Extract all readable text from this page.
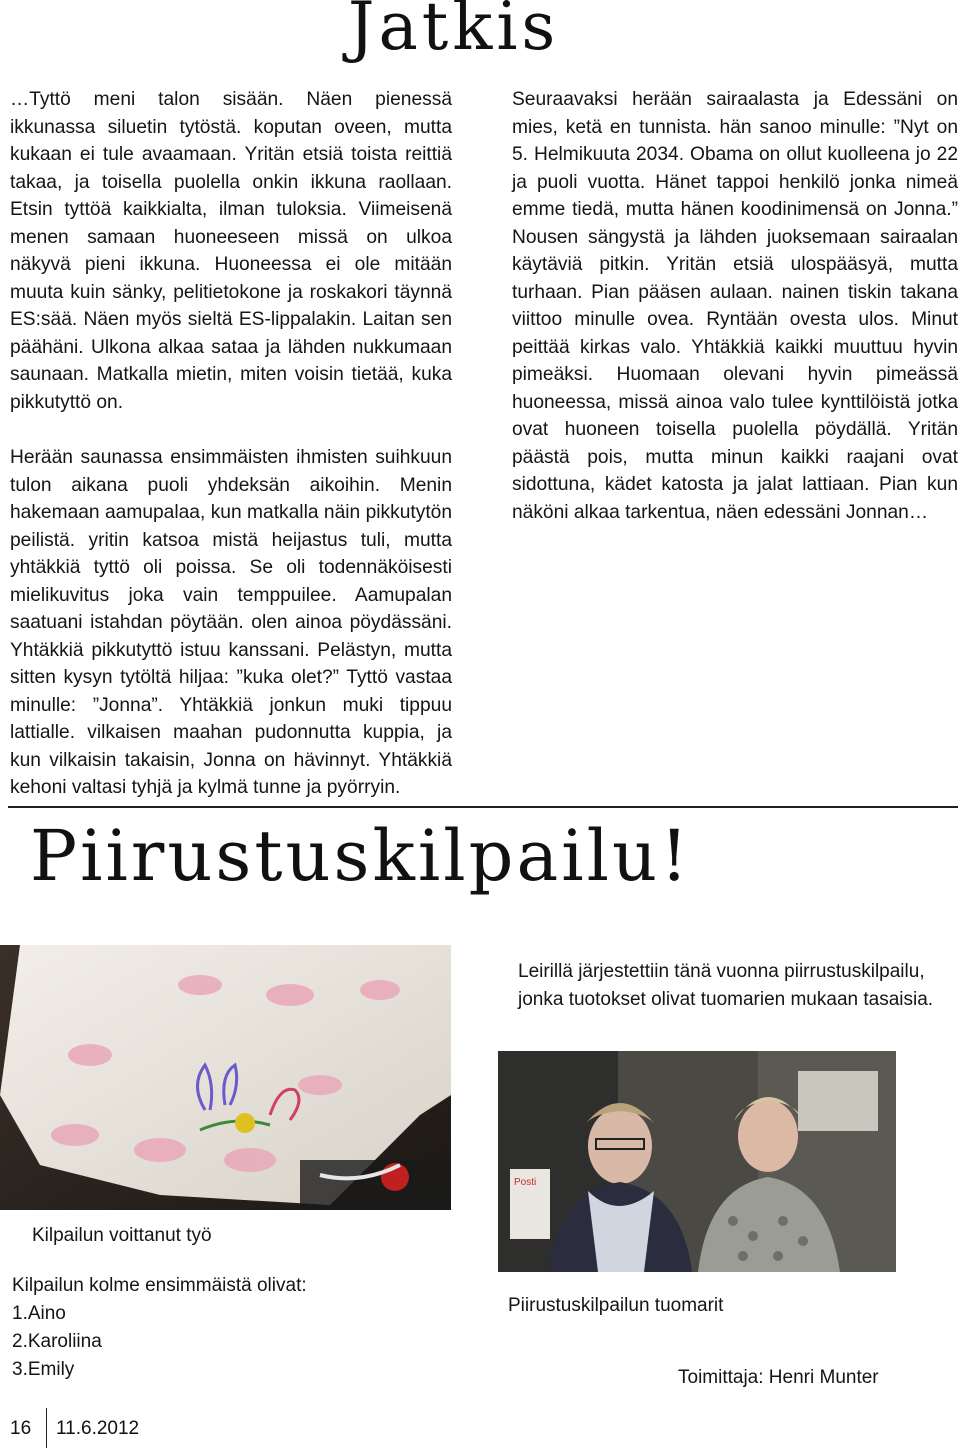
Jatkis

…Tyttö meni talon sisään. Näen pienessä ikkunassa siluetin tytöstä. koputan oveen, mutta kukaan ei tule avaamaan. Yritän etsiä toista reittiä takaa, ja toisella puolella onkin ikkuna raollaan. Etsin tyttöä kaikkialta, ilman tuloksia. Viimeisenä menen samaan huoneeseen missä on ulkoa näkyvä pieni ikkuna. Huoneessa ei ole mitään muuta kuin sänky, pelitietokone ja roskakori täynnä ES:sää. Näen myös sieltä ES-lippalakin. Laitan sen päähäni. Ulkona alkaa sataa ja lähden nukkumaan saunaan. Matkalla mietin, miten voisin tietää, kuka pikkutyttö on.

Herään saunassa ensimmäisten ihmisten suihkuun tulon aikana puoli yhdeksän aikoihin. Menin hakemaan aamupalaa, kun matkalla näin pikkutytön peilistä. yritin katsoa mistä heijastus tuli, mutta yhtäkkiä tyttö oli poissa. Se oli todennäköisesti mielikuvitus joka vain temppuilee. Aamupalan saatuani istahdan pöytään. olen ainoa pöydässäni. Yhtäkkiä pikkutyttö istuu kanssani. Pelästyn, mutta sitten kysyn tytöltä hiljaa: ”kuka olet?” Tyttö vastaa minulle: ”Jonna”. Yhtäkkiä jonkun muki tippuu lattialle. vilkaisen maahan pudonnutta kuppia, ja kun vilkaisin takaisin, Jonna on hävinnyt. Yhtäkkiä kehoni valtasi tyhjä ja kylmä tunne ja pyörryin.

Seuraavaksi herään sairaalasta ja Edessäni on mies, ketä en tunnista. hän sanoo minulle: ”Nyt on 5. Helmikuuta 2034. Obama on ollut kuolleena jo 22 ja puoli vuotta. Hänet tappoi henkilö jonka nimeä emme tiedä, mutta hänen koodinimensä on Jonna.” Nousen sängystä ja lähden juoksemaan sairaalan käytäviä pitkin. Yritän etsiä ulospääsyä, mutta turhaan. Pian pääsen aulaan. nainen tiskin takana viittoo minulle ovea. Ryntään ovesta ulos. Minut peittää kirkas valo. Yhtäkkiä kaikki muuttuu hyvin pimeäksi. Huomaan olevani hyvin pimeässä huoneessa, missä ainoa valo tulee kynttilöistä jotka ovat huoneen toisella puolella pöydällä. Yritän päästä pois, mutta minun kaikki raajani ovat sidottuna, kädet katosta ja jalat lattiaan. Pian kun näköni alkaa tarkentua, näen edessäni Jonnan…

Piirustuskilpailu!
Posti
Leirillä järjestettiin tänä vuonna piirrustuskilpailu, jonka tuotokset olivat tuomarien mukaan tasaisia.
Kilpailun voittanut työ
Kilpailun kolme ensimmäistä olivat:
1.Aino
2.Karoliina
3.Emily
Piirustuskilpailun tuomarit
Toimittaja: Henri Munter
16 11.6.2012
